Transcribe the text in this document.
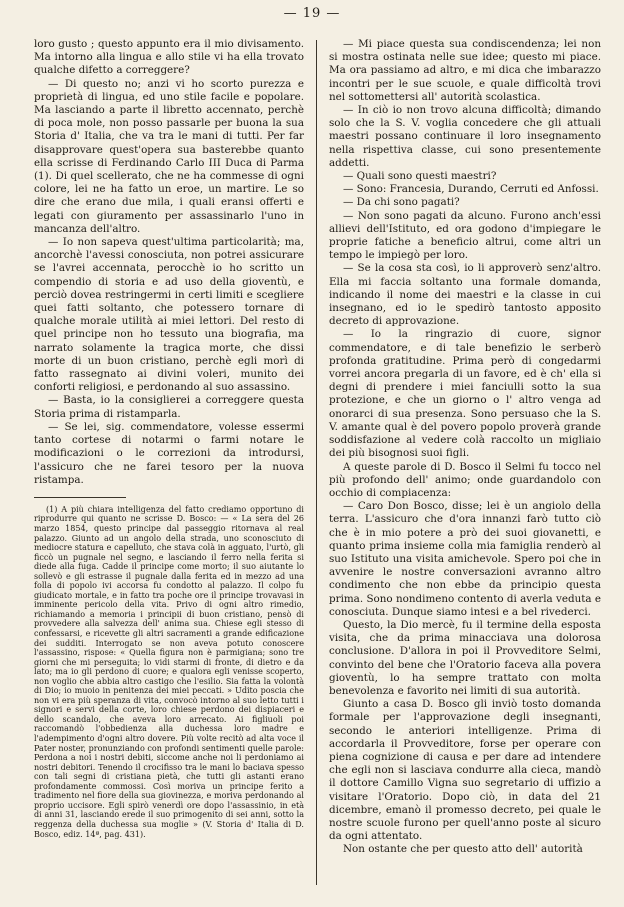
— 19 —

loro gusto ; questo appunto era il mio divisamento. Ma intorno alla lingua e allo stile vi ha ella trovato qualche difetto a correggere?

— Di questo no; anzi vi ho scorto purezza e proprietà di lingua, ed uno stile facile e popolare. Ma lasciando a parte il libretto accennato, perchè di poca mole, non posso passarle per buona la sua Storia d' Italia, che va tra le mani di tutti. Per far disapprovare quest'opera sua basterebbe quanto ella scrisse di Ferdinando Carlo III Duca di Parma (1). Di quel scellerato, che ne ha commesse di ogni colore, lei ne ha fatto un eroe, un martire. Le so dire che erano due mila, i quali eransi offerti e legati con giuramento per assassinarlo l'uno in mancanza dell'altro.

— Io non sapeva quest'ultima particolarità; ma, ancorchè l'avessi conosciuta, non potrei assicurare se l'avrei accennata, perocchè io ho scritto un compendio di storia e ad uso della gioventù, e perciò dovea restringermi in certi limiti e scegliere quei fatti soltanto, che potessero tornare di qualche morale utilità ai miei lettori. Del resto di quel principe non ho tessuto una biografia, ma narrato solamente la tragica morte, che dissi morte di un buon cristiano, perchè egli morì di fatto rassegnato ai divini voleri, munito dei conforti religiosi, e perdonando al suo assassino.

— Basta, io la consiglierei a correggere questa Storia prima di ristamparla.

— Se lei, sig. commendatore, volesse essermi tanto cortese di notarmi o farmi notare le modificazioni o le correzioni da introdursi, l'assicuro che ne farei tesoro per la nuova ristampa.

(1) A più chiara intelligenza del fatto crediamo opportuno di riprodurre qui quanto ne scrisse D. Bosco: — « La sera del 26 marzo 1854, questo principe dal passeggio ritornava al real palazzo. Giunto ad un angolo della strada, uno sconosciuto di mediocre statura e capelluto, che stava colà in agguato, l'urtò, gli ficcò un pugnale nel segno, e lasciando il ferro nella ferita si diede alla fuga. Cadde il principe come morto; il suo aiutante lo sollevò e gli estrasse il pugnale dalla ferita ed in mezzo ad una folla di popolo ivi accorsa fu condotto al palazzo. Il colpo fu giudicato mortale, e in fatto tra poche ore il principe trovavasi in imminente pericolo della vita. Privo di ogni altro rimedio, richiamando a memoria i principii di buon cristiano, pensò di provvedere alla salvezza dell' anima sua. Chiese egli stesso di confessarsi, e ricevette gli altri sacramenti a grande edificazione dei sudditi. Interrogato se non aveva potuto conoscere l'assassino, rispose: « Quella figura non è parmigiana; sono tre giorni che mi perseguita; lo vidi starmi di fronte, di dietro e da lato; ma io gli perdono di cuore; e qualora egli venisse scoperto, non voglio che abbia altro castigo che l'esilio. Sia fatta la volontà di Dio; io muoio in penitenza dei miei peccati. » Udito poscia che non vi era più speranza di vita, convocò intorno al suo letto tutti i signori e servi della corte, loro chiese perdono dei dispiaceri e dello scandalo, che aveva loro arrecato. Ai figliuoli poi raccomandò l'obbedienza alla duchessa loro madre e l'adempimento d'ogni altro dovere. Più volte recitò ad alta voce il Pater noster, pronunziando con profondi sentimenti quelle parole: Perdona a noi i nostri debiti, siccome anche noi li perdoniamo ai nostri debitori. Tenendo il crocifisso tra le mani lo baciava spesso con tali segni di cristiana pietà, che tutti gli astanti erano profondamente commossi. Così moriva un principe ferito a tradimento nel fiore della sua giovinezza, e moriva perdonando al proprio uccisore. Egli spirò venerdì ore dopo l'assassinio, in età di anni 31, lasciando erede il suo primogenito di sei anni, sotto la reggenza della duchessa sua moglie » (V. Storia d' Italia di D. Bosco, ediz. 14ª, pag. 431).

— Mi piace questa sua condiscendenza; lei non si mostra ostinata nelle sue idee; questo mi piace. Ma ora passiamo ad altro, e mi dica che imbarazzo incontri per le sue scuole, e quale difficoltà trovi nel sottomettersi all' autorità scolastica.

— In ciò io non trovo alcuna difficoltà; dimando solo che la S. V. voglia concedere che gli attuali maestri possano continuare il loro insegnamento nella rispettiva classe, cui sono presentemente addetti.

— Quali sono questi maestri?

— Sono: Francesia, Durando, Cerruti ed Anfossi.

— Da chi sono pagati?

— Non sono pagati da alcuno. Furono anch'essi allievi dell'Istituto, ed ora godono d'impiegare le proprie fatiche a beneficio altrui, come altri un tempo le impiegò per loro.

— Se la cosa sta così, io li approverò senz'altro. Ella mi faccia soltanto una formale domanda, indicando il nome dei maestri e la classe in cui insegnano, ed io le spedirò tantosto apposito decreto di approvazione.

— Io la ringrazio di cuore, signor commendatore, e di tale benefizio le serberò profonda gratitudine. Prima però di congedarmi vorrei ancora pregarla di un favore, ed è ch' ella si degni di prendere i miei fanciulli sotto la sua protezione, e che un giorno o l' altro venga ad onorarci di sua presenza. Sono persuaso che la S. V. amante qual è del povero popolo proverà grande soddisfazione al vedere colà raccolto un migliaio dei più bisognosi suoi figli.

A queste parole di D. Bosco il Selmi fu tocco nel più profondo dell' animo; onde guardandolo con occhio di compiacenza:

— Caro Don Bosco, disse; lei è un angiolo della terra. L'assicuro che d'ora innanzi farò tutto ciò che è in mio potere a prò dei suoi giovanetti, e quanto prima insieme colla mia famiglia renderò al suo Istituto una visita amichevole. Spero poi che in avvenire le nostre conversazioni avranno altro condimento che non ebbe da principio questa prima. Sono nondimeno contento di averla veduta e conosciuta. Dunque siamo intesi e a bel rivederci.

Questo, la Dio mercè, fu il termine della esposta visita, che da prima minacciava una dolorosa conclusione. D'allora in poi il Provveditore Selmi, convinto del bene che l'Oratorio faceva alla povera gioventù, lo ha sempre trattato con molta benevolenza e favorito nei limiti di sua autorità.

Giunto a casa D. Bosco gli inviò tosto domanda formale per l'approvazione degli insegnanti, secondo le anteriori intelligenze. Prima di accordarla il Provveditore, forse per operare con piena cognizione di causa e per dare ad intendere che egli non si lasciava condurre alla cieca, mandò il dottore Camillo Vigna suo segretario di uffizio a visitare l'Oratorio. Dopo ciò, in data del 21 dicembre, emanò il promesso decreto, pei quale le nostre scuole furono per quell'anno poste al sicuro da ogni attentato.

Non ostante che per questo atto dell' autorità
